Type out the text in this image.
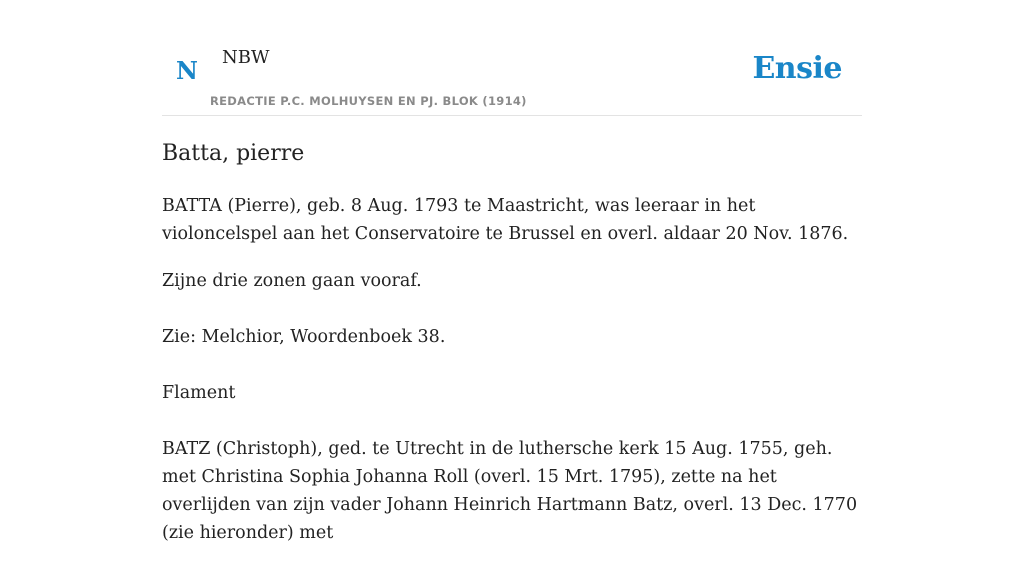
N NBW
REDACTIE P.C. MOLHUYSEN EN PJ. BLOK (1914)
Ensie
Batta, pierre

BATTA (Pierre), geb. 8 Aug. 1793 te Maastricht, was leeraar in het violoncelspel aan het Conservatoire te Brussel en overl. aldaar 20 Nov. 1876.

Zijne drie zonen gaan vooraf.

Zie: Melchior, Woordenboek 38.

Flament

BATZ (Christoph), ged. te Utrecht in de luthersche kerk 15 Aug. 1755, geh. met Christina Sophia Johanna Roll (overl. 15 Mrt. 1795), zette na het overlijden van zijn vader Johann Heinrich Hartmann Batz, overl. 13 Dec. 1770 (zie hieronder) met
